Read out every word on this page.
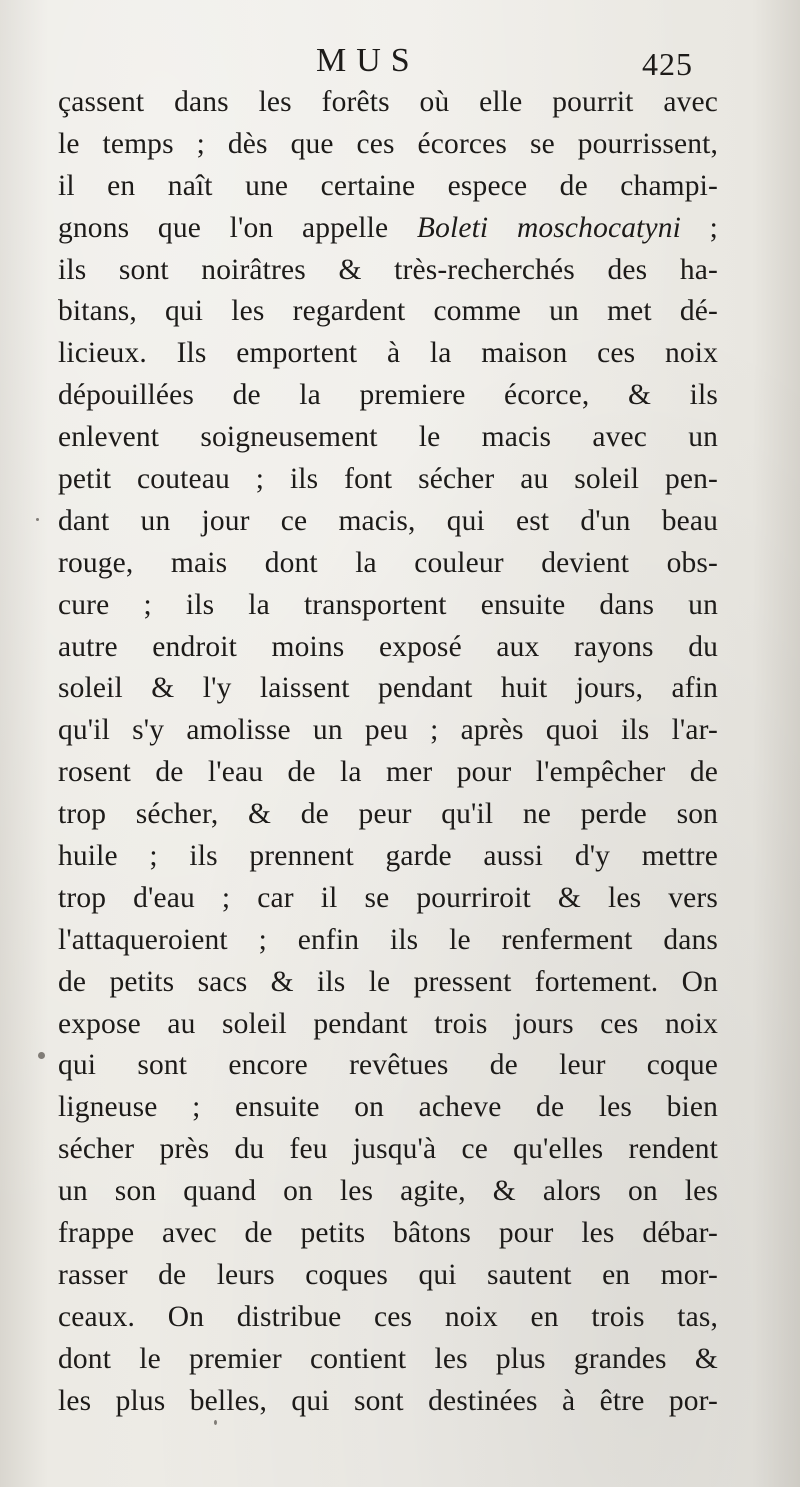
MUS	425
çassent dans les forêts où elle pourrit avec
le temps ; dès que ces écorces se pourrissent,
il en naît une certaine espece de champi-
gnons que l'on appelle Boleti moschocatyni ;
ils sont noirâtres & très-recherchés des ha-
bitans, qui les regardent comme un met dé-
licieux. Ils emportent à la maison ces noix
dépouillées de la premiere écorce, & ils
enlevent soigneusement le macis avec un
petit couteau ; ils font sécher au soleil pen-
dant un jour ce macis, qui est d'un beau
rouge, mais dont la couleur devient obs-
cure ; ils la transportent ensuite dans un
autre endroit moins exposé aux rayons du
soleil & l'y laissent pendant huit jours, afin
qu'il s'y amolisse un peu ; après quoi ils l'ar-
rosent de l'eau de la mer pour l'empêcher de
trop sécher, & de peur qu'il ne perde son
huile ; ils prennent garde aussi d'y mettre
trop d'eau ; car il se pourriroit & les vers
l'attaqueroient ; enfin ils le renferment dans
de petits sacs & ils le pressent fortement. On
expose au soleil pendant trois jours ces noix
qui sont encore revêtues de leur coque
ligneuse ; ensuite on acheve de les bien
sécher près du feu jusqu'à ce qu'elles rendent
un son quand on les agite, & alors on les
frappe avec de petits bâtons pour les débar-
rasser de leurs coques qui sautent en mor-
ceaux. On distribue ces noix en trois tas,
dont le premier contient les plus grandes &
les plus belles, qui sont destinées à être por-
